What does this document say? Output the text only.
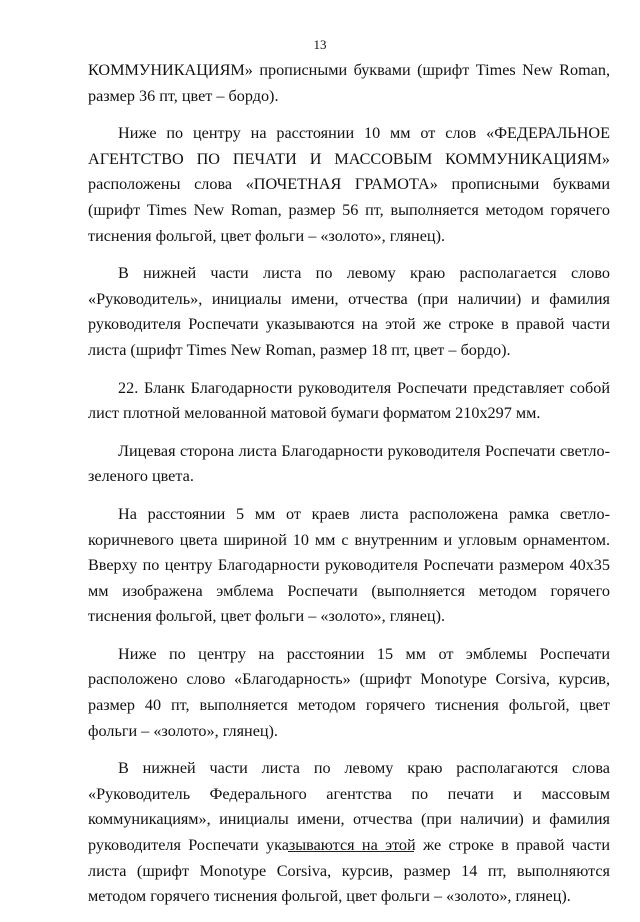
13

КОММУНИКАЦИЯМ» прописными буквами (шрифт Times New Roman, размер 36 пт, цвет – бордо).

Ниже по центру на расстоянии 10 мм от слов «ФЕДЕРАЛЬНОЕ АГЕНТСТВО ПО ПЕЧАТИ И МАССОВЫМ КОММУНИКАЦИЯМ» расположены слова «ПОЧЕТНАЯ ГРАМОТА» прописными буквами (шрифт Times New Roman, размер 56 пт, выполняется методом горячего тиснения фольгой, цвет фольги – «золото», глянец).

В нижней части листа по левому краю располагается слово «Руководитель», инициалы имени, отчества (при наличии) и фамилия руководителя Роспечати указываются на этой же строке в правой части листа (шрифт Times New Roman, размер 18 пт, цвет – бордо).

22. Бланк Благодарности руководителя Роспечати представляет собой лист плотной мелованной матовой бумаги форматом 210х297 мм.

Лицевая сторона листа Благодарности руководителя Роспечати светло-зеленого цвета.

На расстоянии 5 мм от краев листа расположена рамка светло-коричневого цвета шириной 10 мм с внутренним и угловым орнаментом. Вверху по центру Благодарности руководителя Роспечати размером 40х35 мм изображена эмблема Роспечати (выполняется методом горячего тиснения фольгой, цвет фольги – «золото», глянец).

Ниже по центру на расстоянии 15 мм от эмблемы Роспечати расположено слово «Благодарность» (шрифт Monotype Corsiva, курсив, размер 40 пт, выполняется методом горячего тиснения фольгой, цвет фольги – «золото», глянец).

В нижней части листа по левому краю располагаются слова «Руководитель Федерального агентства по печати и массовым коммуникациям», инициалы имени, отчества (при наличии) и фамилия руководителя Роспечати указываются на этой же строке в правой части листа (шрифт Monotype Corsiva, курсив, размер 14 пт, выполняются методом горячего тиснения фольгой, цвет фольги – «золото», глянец).
